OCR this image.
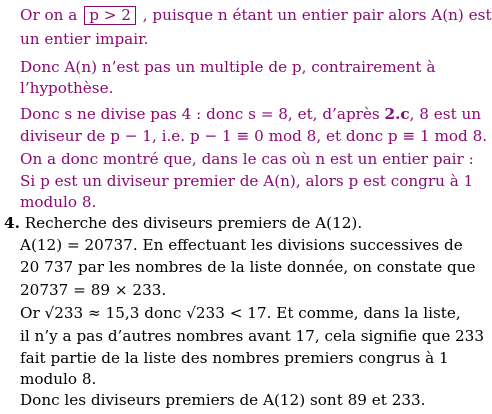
Or on a p > 2 , puisque n étant un entier pair alors A(n) est
un entier impair.
Donc A(n) n’est pas un multiple de p, contrairement à
l’hypothèse.
Donc s ne divise pas 4 : donc s = 8, et, d’après 2.c, 8 est un
diviseur de p − 1, i.e. p − 1 ≡ 0 mod 8, et donc p ≡ 1 mod 8.
On a donc montré que, dans le cas où n est un entier pair :
Si p est un diviseur premier de A(n), alors p est congru à 1
modulo 8.
4. Recherche des diviseurs premiers de A(12).
A(12) = 20737. En effectuant les divisions successives de
20 737 par les nombres de la liste donnée, on constate que
20737 = 89 × 233.
Or √233 ≈ 15,3 donc √233 < 17. Et comme, dans la liste,
il n’y a pas d’autres nombres avant 17, cela signifie que 233
fait partie de la liste des nombres premiers congrus à 1
modulo 8.
Donc les diviseurs premiers de A(12) sont 89 et 233.
